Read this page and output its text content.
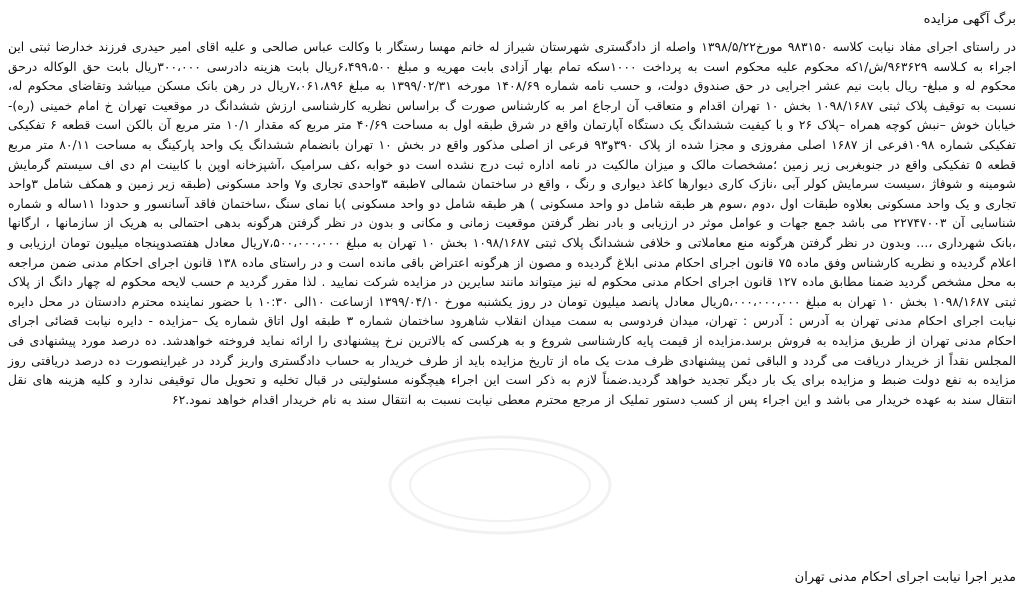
برگ آگهی مزایده
در راستای اجرای مفاد نیابت کلاسه ۹۸۳۱۵۰ مورخ۱۳۹۸/۵/۲۲ واصله از دادگستری شهرستان شیراز له خانم مهسا رستگار با وکالت عباس صالحی و علیه اقای امیر حیدری فرزند خدارضا ثبتی این اجراء به کـلاسه ۹۶۳۶۲۹/ش/۱که محکوم علیه محکوم است به پرداخت ۱۰۰۰سکه تمام بهار آزادی بابت مهریه و مبلغ ۶،۴۹۹،۵۰۰ریال بابت هزینه دادرسی ۳۰۰،۰۰۰ریال بابت حق الوکاله درحق محکوم له و مبلغ- ریال بابت نیم عشر اجرایی در حق صندوق دولت، و حسب نامه شماره ۱۴۰۸/۶۹ مورخه ۱۳۹۹/۰۲/۳۱ به مبلغ ۷،۰۶۱،۸۹۶ریال در رهن بانک مسکن میباشد وتقاضای محکوم له، نسبت به توقیف پلاک ثبتی ۱۰۹۸/۱۶۸۷ بخش ۱۰ تهران اقدام و متعاقب آن ارجاع امر به کارشناس صورت گ براساس نظریه کارشناسی ارزش ششدانگ در موقعیت تهران خ امام خمینی (ره)-خیابان خوش –نبش کوچه همراه –پلاک ۲۶ و با کیفیت ششدانگ یک دستگاه آپارتمان واقع در شرق طبقه اول به مساحت ۴۰/۶۹ متر مربع که مقدار ۱۰/۱ متر مربع آن بالکن است قطعه ۶ تفکیکی تفکیکی شماره ۱۰۹۸فرعی از ۱۶۸۷ اصلی مفروزی و مجزا شده از پلاک ۳۹۰و۹۳ فرعی از اصلی مذکور واقع در بخش ۱۰ تهران بانضمام ششدانگ یک واحد پارکینگ به مساحت ۸۰/۱۱ متر مربع قطعه ۵ تفکیکی واقع در جنوبغربی زیر زمین ؛مشخصات مالک و میزان مالکیت در نامه اداره ثبت درج نشده است دو خوابه ،کف سرامیک ،آشپزخانه اوپن با کابینت ام دی اف سیستم گرمایش شومینه و شوفاژ ،سیست سرمایش کولر آبی ،نازک کاری دیوارها کاغذ دیواری و رنگ ، واقع در ساختمان شمالی ۷طبقه ۳واحدی تجاری و۷ واحد مسکونی (طبقه زیر زمین و همکف شامل ۳واحد تجاری و یک واحد مسکونی بعلاوه طبقات اول ،دوم ،سوم هر طبقه شامل دو واحد مسکونی ) هر طبقه شامل دو واحد مسکونی )با نمای سنگ ،ساختمان فاقد آسانسور و حدودا ۱۱ساله و شماره شناسایی آن ۲۲۷۴۷۰۰۳ می باشد جمع جهات و عوامل موثر در ارزیابی و بادر نظر گرفتن موقعیت زمانی و مکانی و بدون در نظر گرفتن هرگونه بدهی احتمالی به هریک از سازمانها ، ارگانها ،بانک شهرداری ،… وبدون در نظر گرفتن هرگونه منع معاملاتی و خلافی ششدانگ پلاک ثبتی ۱۰۹۸/۱۶۸۷ بخش ۱۰ تهران به مبلغ ۷،۵۰۰،۰۰۰،۰۰۰ریال معادل هفتصدوپنجاه میلیون تومان ارزیابی و اعلام گردیده و نظریه کارشناس وفق ماده ۷۵ قانون اجرای احکام مدنی ابلاغ گردیده و مصون از هرگونه اعتراض باقی مانده است و در راستای ماده ۱۳۸ قانون اجرای احکام مدنی ضمن مراجعه به محل مشخص گردید ضمنا مطابق ماده ۱۲۷ قانون اجرای احکام مدنی محکوم له نیز میتواند مانند سایرین در مزایده شرکت نمایید . لذا مقرر گردید م حسب لایحه محکوم له چهار دانگ از پلاک ثبتی ۱۰۹۸/۱۶۸۷ بخش ۱۰ تهران به مبلغ ۵،۰۰۰،۰۰۰،۰۰۰ریال معادل پانصد میلیون تومان در روز یکشنبه مورخ ۱۳۹۹/۰۴/۱۰ ازساعت ۱۰الی ۱۰:۳۰ با حضور نماینده محترم دادستان در محل دایره نیابت اجرای احکام مدنی تهران به آدرس : آدرس : تهران، میدان فردوسی به سمت میدان انقلاب شاهرود ساختمان شماره ۳ طبقه اول اتاق شماره یک –مزایده - دایره نیابت قضائی اجرای احکام مدنی تهران از طریق مزایده به فروش برسد.مزایده از قیمت پایه کارشناسی شروع و به هرکسی که بالاترین نرخ پیشنهادی را ارائه نماید فروخته خواهدشد. ده درصد مورد پیشنهادی فی المجلس نقداً از خریدار دریافت می گردد و الباقی ثمن پیشنهادی ظرف مدت یک ماه از تاریخ مزایده باید از طرف خریدار به حساب دادگستری واریز گردد در غیراینصورت ده درصد دریافتی روز مزایده به نفع دولت ضبط و مزایده برای یک بار دیگر تجدید خواهد گردید.ضمناً لازم به ذکر است این اجراء هیچگونه مسئولیتی در قبال تخلیه و تحویل مال توقیفی ندارد و کلیه هزینه های نقل انتقال سند به عهده خریدار می باشد و این اجراء پس از کسب دستور تملیک از مرجع محترم معطی نیابت نسبت به انتقال سند به نام خریدار اقدام خواهد نمود.۶۲
مدیر اجرا نیابت اجرای احکام مدنی تهران
